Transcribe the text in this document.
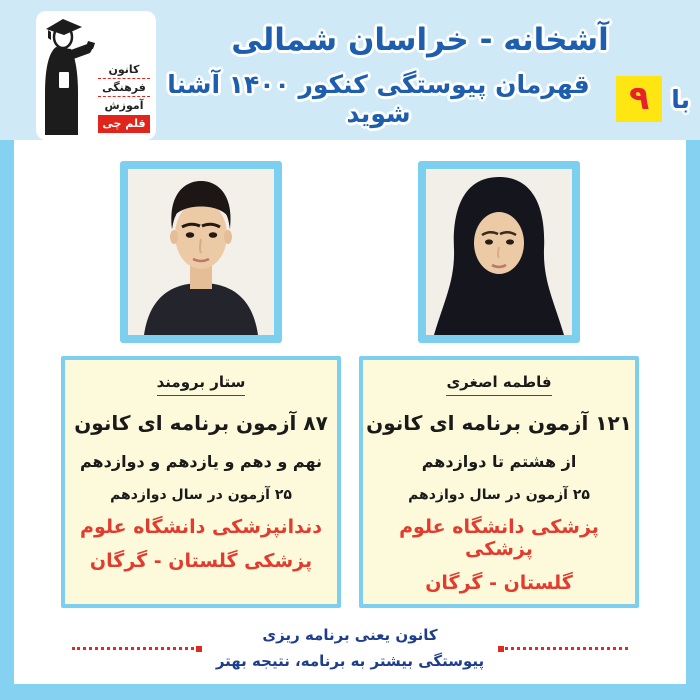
کانون
فرهنگی
آموزش
قلم چی
آشخانه - خراسان شمالی
با
۹
قهرمان پیوستگی کنکور ۱۴۰۰ آشنا شوید
فاطمه اصغری
۱۲۱ آزمون برنامه ای کانون
از هشتم تا دوازدهم
۲۵ آزمون در سال دوازدهم
پزشکی دانشگاه علوم پزشکی
گلستان - گرگان
ستار برومند
۸۷ آزمون برنامه ای کانون
نهم و دهم و یازدهم و دوازدهم
۲۵ آزمون در سال دوازدهم
دندانپزشکی دانشگاه علوم
پزشکی گلستان - گرگان
کانون یعنی برنامه ریزی
پیوستگی بیشتر به برنامه، نتیجه بهتر
